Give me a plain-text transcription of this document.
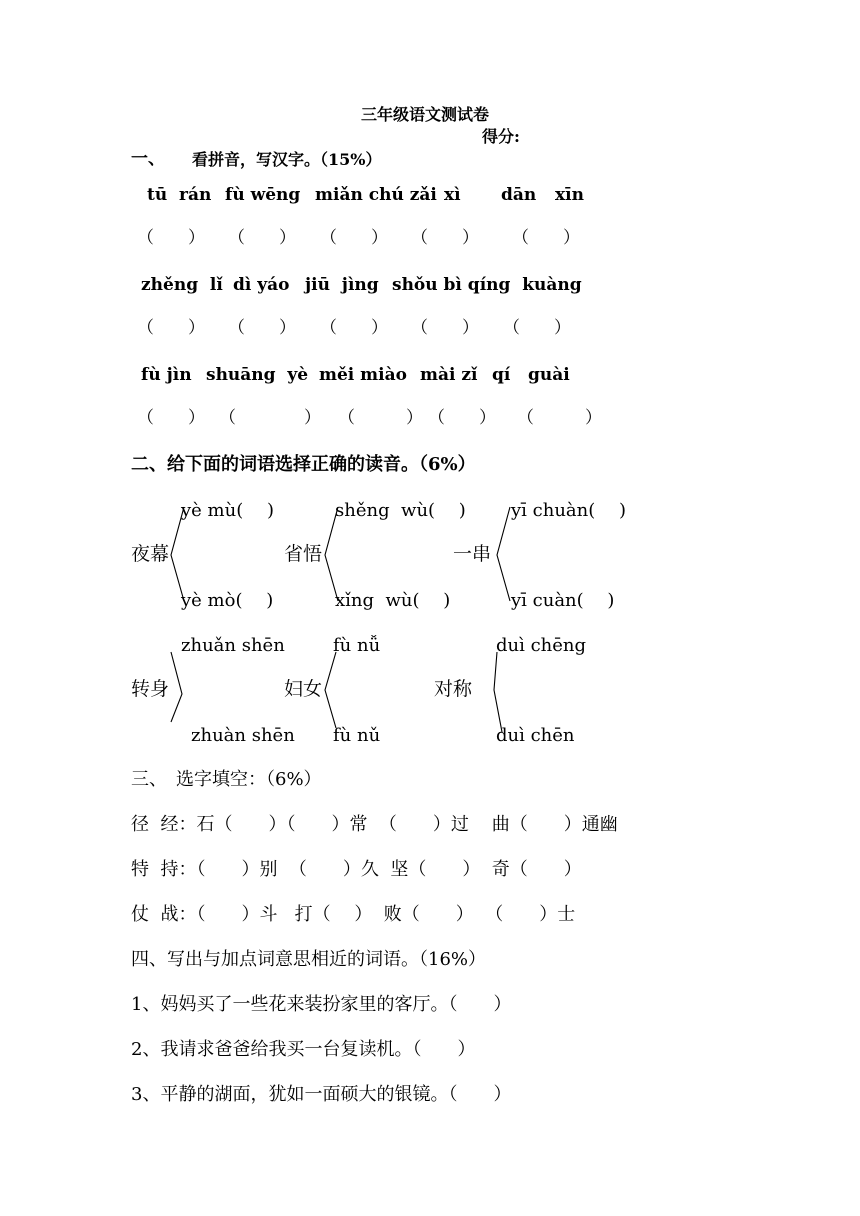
三年级语文测试卷
得分:
一、 看拼音，写汉字。（15%）
tū  rán fù wēng miǎn chú zǎi xì dān xīn
（　　） （　　） （　　） （　　） （　　）
zhěng  lǐ dì yáo jiū  jìng shǒu bì qíng  kuàng
（　　） （　　） （　　） （　　） （　　）
fù jìn shuāng  yè měi miào mài zǐ qí guài
（　　） （　　　　） （　　　） （　　） （　　　）
二、给下面的词语选择正确的读音。（6%）
yè mù(　 )
夜幕
yè mò(　 )
shěng  wù(　 )
省悟
xǐng  wù(　 )
yī chuàn(　 )
一串
yī cuàn(　 )
zhuǎn shēn
转身
zhuàn shēn
fù nǚ
妇女
fù nǔ
duì chēng
对称
duì chēn
三、　选字填空：（6%）
径  经：石（　　）（　　）常  （　　）过    曲（　　）通幽
特  持：（　　）别  （　　）久  坚（　　）  奇（　　）
仗  战：（　　）斗   打（　 ）  败（　　）  （　　）士
四、写出与加点词意思相近的词语。（16%）
1、妈妈买了一些花来装扮家里的客厅。（　　）
2、我请求爸爸给我买一台复读机。（　　）
3、平静的湖面，犹如一面硕大的银镜。（　　）
